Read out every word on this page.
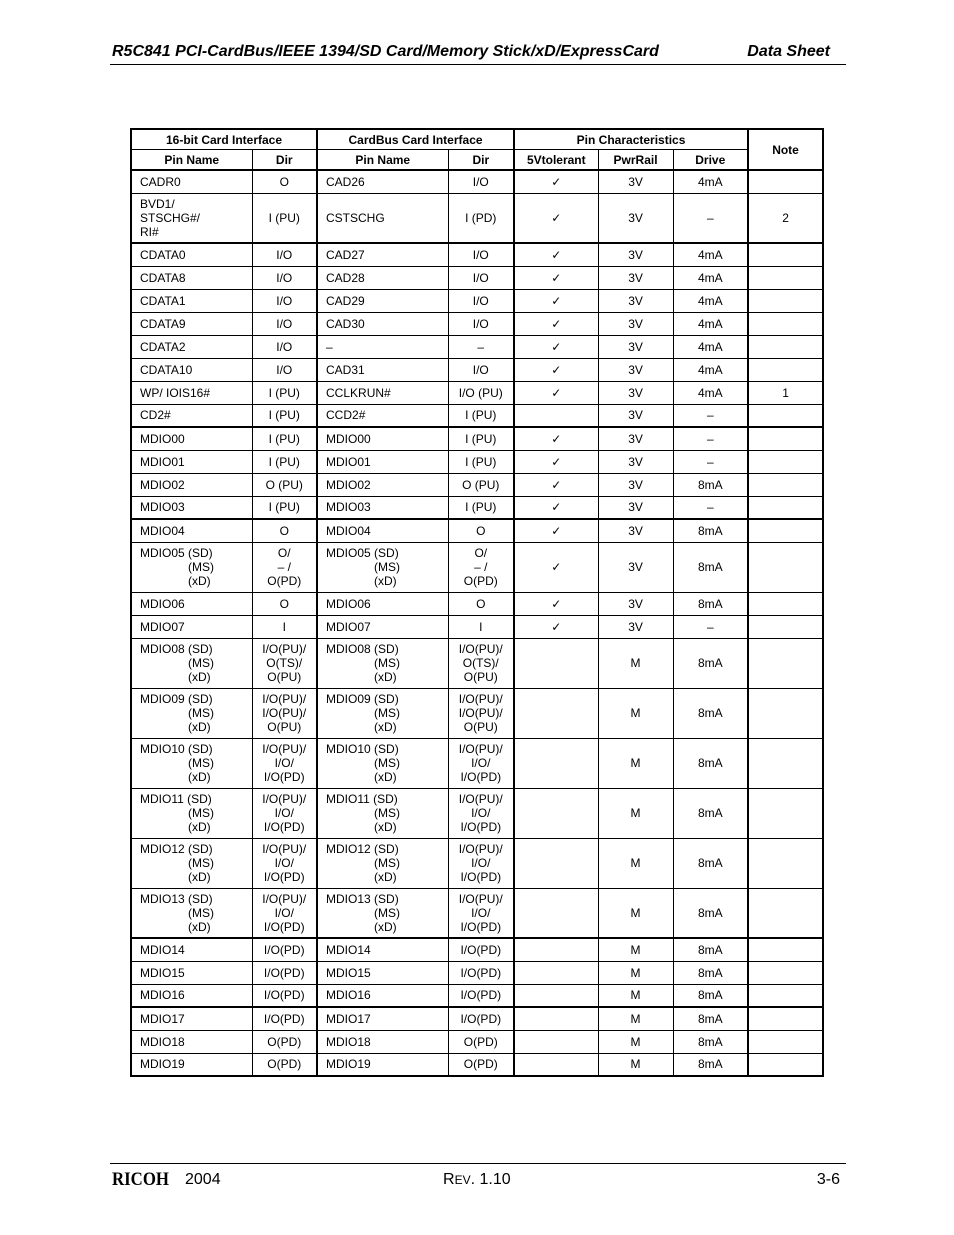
R5C841 PCI-CardBus/IEEE 1394/SD Card/Memory Stick/xD/ExpressCard	Data Sheet
16-bit Card Interface		CardBus Card Interface		Pin Characteristics			Note
Pin Name	Dir	Pin Name	Dir	5Vtolerant	PwrRail	Drive	

CADR0	O	CAD26	I/O	✓	3V	4mA	

BVD1/
STSCHG#/
RI#	I (PU)	CSTSCHG	I (PD)	✓	3V	–	2

CDATA0	I/O	CAD27	I/O	✓	3V	4mA	

CDATA8	I/O	CAD28	I/O	✓	3V	4mA	

CDATA1	I/O	CAD29	I/O	✓	3V	4mA	

CDATA9	I/O	CAD30	I/O	✓	3V	4mA	

CDATA2	I/O	–	–	✓	3V	4mA	

CDATA10	I/O	CAD31	I/O	✓	3V	4mA	

WP/ IOIS16#	I (PU)	CCLKRUN#	I/O (PU)	✓	3V	4mA	1

CD2#	I (PU)	CCD2#	I (PU)		3V	–	

MDIO00	I (PU)	MDIO00	I (PU)	✓	3V	–	

MDIO01	I (PU)	MDIO01	I (PU)	✓	3V	–	

MDIO02	O (PU)	MDIO02	O (PU)	✓	3V	8mA	

MDIO03	I (PU)	MDIO03	I (PU)	✓	3V	–	

MDIO04	O	MDIO04	O	✓	3V	8mA	

MDIO05 (SD)
(MS)
(xD)	O/
– /
O(PD)	MDIO05 (SD)
(MS)
(xD)	O/
– /
O(PD)	✓	3V	8mA	

MDIO06	O	MDIO06	O	✓	3V	8mA	

MDIO07	I	MDIO07	I	✓	3V	–	

MDIO08 (SD)
(MS)
(xD)	I/O(PU)/
O(TS)/
O(PU)	MDIO08 (SD)
(MS)
(xD)	I/O(PU)/
O(TS)/
O(PU)		M	8mA	

MDIO09 (SD)
(MS)
(xD)	I/O(PU)/
I/O(PU)/
O(PU)	MDIO09 (SD)
(MS)
(xD)	I/O(PU)/
I/O(PU)/
O(PU)		M	8mA	

MDIO10 (SD)
(MS)
(xD)	I/O(PU)/
I/O/
I/O(PD)	MDIO10 (SD)
(MS)
(xD)	I/O(PU)/
I/O/
I/O(PD)		M	8mA	

MDIO11 (SD)
(MS)
(xD)	I/O(PU)/
I/O/
I/O(PD)	MDIO11 (SD)
(MS)
(xD)	I/O(PU)/
I/O/
I/O(PD)		M	8mA	

MDIO12 (SD)
(MS)
(xD)	I/O(PU)/
I/O/
I/O(PD)	MDIO12 (SD)
(MS)
(xD)	I/O(PU)/
I/O/
I/O(PD)		M	8mA	

MDIO13 (SD)
(MS)
(xD)	I/O(PU)/
I/O/
I/O(PD)	MDIO13 (SD)
(MS)
(xD)	I/O(PU)/
I/O/
I/O(PD)		M	8mA	

MDIO14	I/O(PD)	MDIO14	I/O(PD)		M	8mA	

MDIO15	I/O(PD)	MDIO15	I/O(PD)		M	8mA	

MDIO16	I/O(PD)	MDIO16	I/O(PD)		M	8mA	

MDIO17	I/O(PD)	MDIO17	I/O(PD)		M	8mA	

MDIO18	O(PD)	MDIO18	O(PD)		M	8mA	

MDIO19	O(PD)	MDIO19	O(PD)		M	8mA	
RICOH 2004	REV. 1.10	3-6
